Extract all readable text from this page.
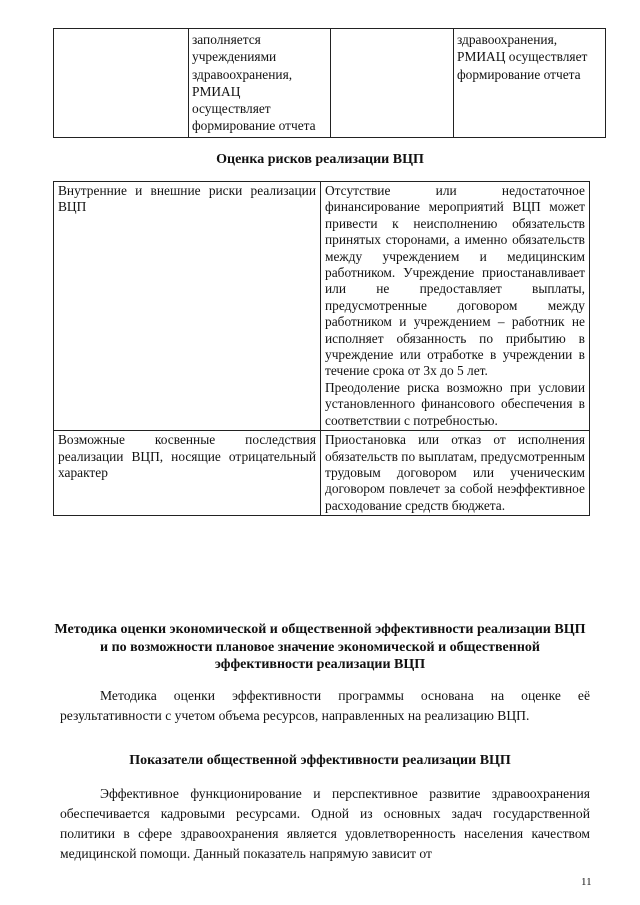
	заполняется
учреждениями
здравоохранения,
РМИАЦ
осуществляет
формирование отчета		здравоохранения,
РМИАЦ осуществляет
формирование отчета
Оценка рисков реализации ВЦП
Внутренние и внешние риски реализации ВЦП	Отсутствие или недостаточное финансирование мероприятий ВЦП может привести к неисполнению обязательств принятых сторонами, а именно обязательств между учреждением и медицинским работником. Учреждение приостанавливает или не предоставляет выплаты, предусмотренные договором между работником и учреждением – работник не исполняет обязанность по прибытию в учреждение или отработке в учреждении в течение срока от 3х до 5 лет.
Преодоление риска возможно при условии установленного финансового обеспечения в соответствии с потребностью.

Возможные косвенные последствия реализации ВЦП, носящие отрицательный характер	Приостановка или отказ от исполнения обязательств по выплатам, предусмотренным трудовым договором или ученическим договором повлечет за собой неэффективное расходование средств бюджета.
Методика оценки экономической и общественной эффективности реализации ВЦП и по возможности плановое значение экономической и общественной эффективности реализации ВЦП

Методика оценки эффективности программы основана на оценке её результативности с учетом объема ресурсов, направленных на реализацию ВЦП.

Показатели общественной эффективности реализации ВЦП

Эффективное функционирование и перспективное развитие здравоохранения обеспечивается кадровыми ресурсами. Одной из основных задач государственной политики в сфере здравоохранения является удовлетворенность населения качеством медицинской помощи. Данный показатель напрямую зависит от

11
